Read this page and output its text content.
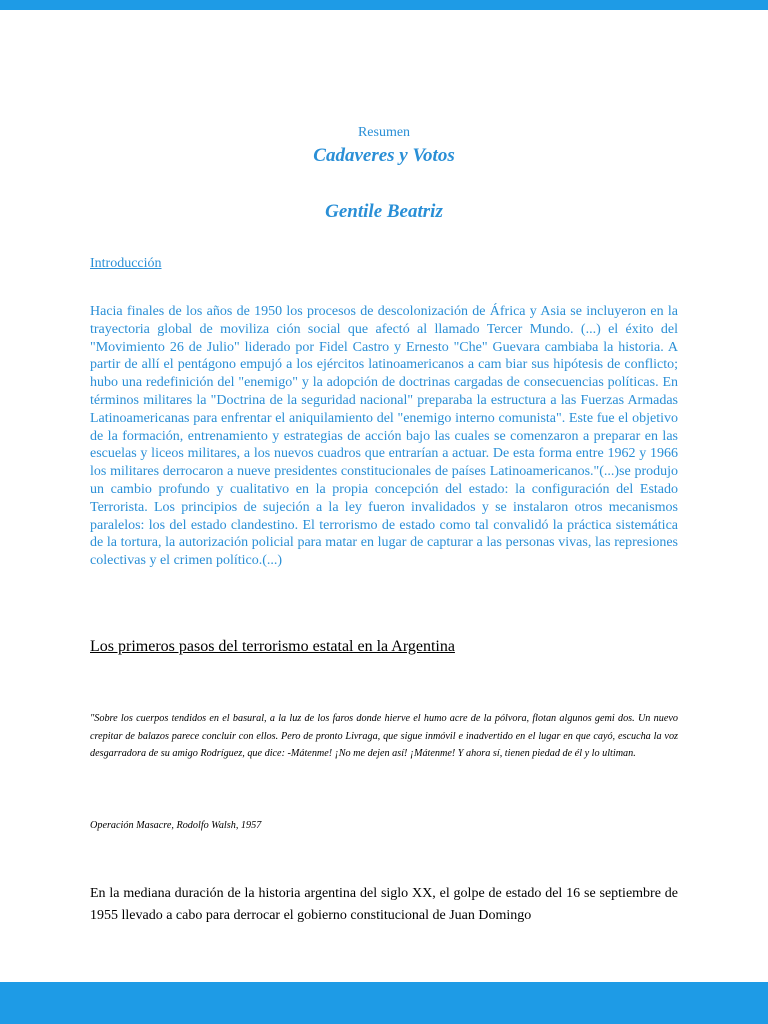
Resumen
Cadaveres y Votos
Gentile Beatriz
Introducción
Hacia finales de los años de 1950 los procesos de descolonización de África y Asia se incluyeron en la trayectoria global de moviliza ción social que afectó al llamado Tercer Mundo. (...) el éxito del "Movimiento 26 de Julio" liderado por Fidel Castro y Ernesto "Che" Guevara cambiaba la historia. A partir de allí el pentágono empujó a los ejércitos latinoamericanos a cam biar sus hipótesis de conflicto; hubo una redefinición del "enemigo" y la adopción de doctrinas cargadas de consecuencias políticas. En términos militares la "Doctrina de la seguridad nacional" preparaba la estructura a las Fuerzas Armadas Latinoamericanas para enfrentar el aniquilamiento del "enemigo interno comunista". Este fue el objetivo de la formación, entrenamiento y estrategias de acción bajo las cuales se comenzaron a preparar en las escuelas y liceos militares, a los nuevos cuadros que entrarían a actuar. De esta forma entre 1962 y 1966 los militares derrocaron a nueve presidentes constitucionales de países Latinoamericanos."(...)se produjo un cambio profundo y cualitativo en la propia concepción del estado: la configuración del Estado Terrorista. Los principios de sujeción a la ley fueron invalidados y se instalaron otros mecanismos paralelos: los del estado clandestino. El terrorismo de estado como tal convalidó la práctica sistemática de la tortura, la autorización policial para matar en lugar de capturar a las personas vivas, las represiones colectivas y el crimen político.(...)
Los primeros pasos del terrorismo estatal en la Argentina
"Sobre los cuerpos tendidos en el basural, a la luz de los faros donde hierve el humo acre de la pólvora, flotan algunos gemi dos. Un nuevo crepitar de balazos parece concluir con ellos. Pero de pronto Livraga, que sigue inmóvil e inadvertido en el lugar en que cayó, escucha la voz desgarradora de su amigo Rodríguez, que dice: -Mátenme! ¡No me dejen así! ¡Mátenme! Y ahora sí, tienen piedad de él y lo ultiman.
Operación Masacre, Rodolfo Walsh, 1957
En la mediana duración de la historia argentina del siglo XX, el golpe de estado del 16 se septiembre de 1955 llevado a cabo para derrocar el gobierno constitucional de Juan Domingo
